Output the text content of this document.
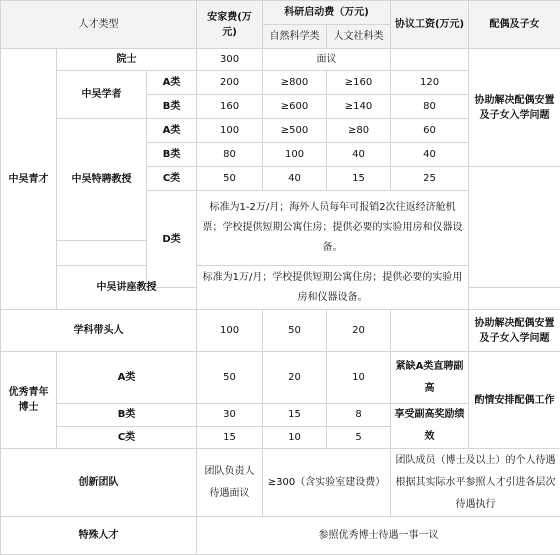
人才类型			安家费(万元)	科研启动费（万元)		协议工资(万元)	配偶及子女	
				自然科学类	人文社科类			
中吴青才	院士		300	面议			协助解决配偶安置及子女入学问题	
	中吴学者	A类	200	≥800	≥160	120		
		B类	160	≥600	≥140	80		
	中吴特聘教授	A类	100	≥500	≥80	60		
		B类	80	100	40	40		
		C类	50	40	15	25		
		D类	标准为1-2万/月；海外人员每年可报销2次往返经济舱机票；学校提供短期公寓住房；提供必要的实验用房和仪器设备。					

	中吴讲座教授		标准为1万/月；学校提供短期公寓住房；提供必要的实验用房和仪器设备。					

学科带头人			100	50	20		协助解决配偶安置及子女入学问题	
优秀青年博士	A类		50	20	10	紧缺A类直聘副高	酌情安排配偶工作	
	B类		30	15	8	享受副高奖励绩效		
	C类		15	10	5			
创新团队			团队负责人待遇面议	≥300（含实验室建设费）		团队成员（博士及以上）的个人待遇根据其实际水平参照人才引进各层次待遇执行		
特殊人才			参照优秀博士待遇一事一议					
